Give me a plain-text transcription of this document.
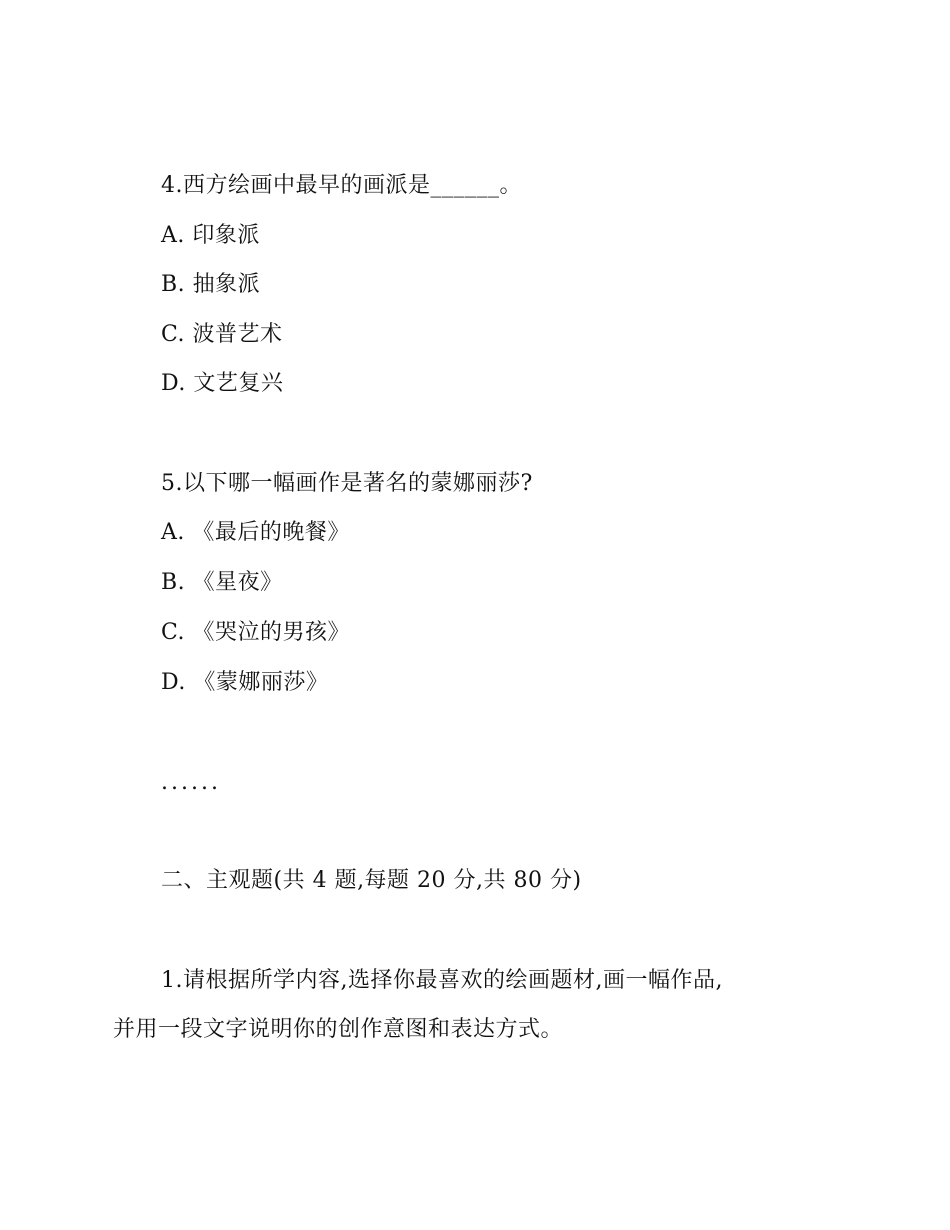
4.西方绘画中最早的画派是______。
A. 印象派
B. 抽象派
C. 波普艺术
D. 文艺复兴
5.以下哪一幅画作是著名的蒙娜丽莎?
A. 《最后的晚餐》
B. 《星夜》
C. 《哭泣的男孩》
D. 《蒙娜丽莎》
......
二、主观题(共 4 题,每题 20 分,共 80 分)
1.请根据所学内容,选择你最喜欢的绘画题材,画一幅作品,
并用一段文字说明你的创作意图和表达方式。
